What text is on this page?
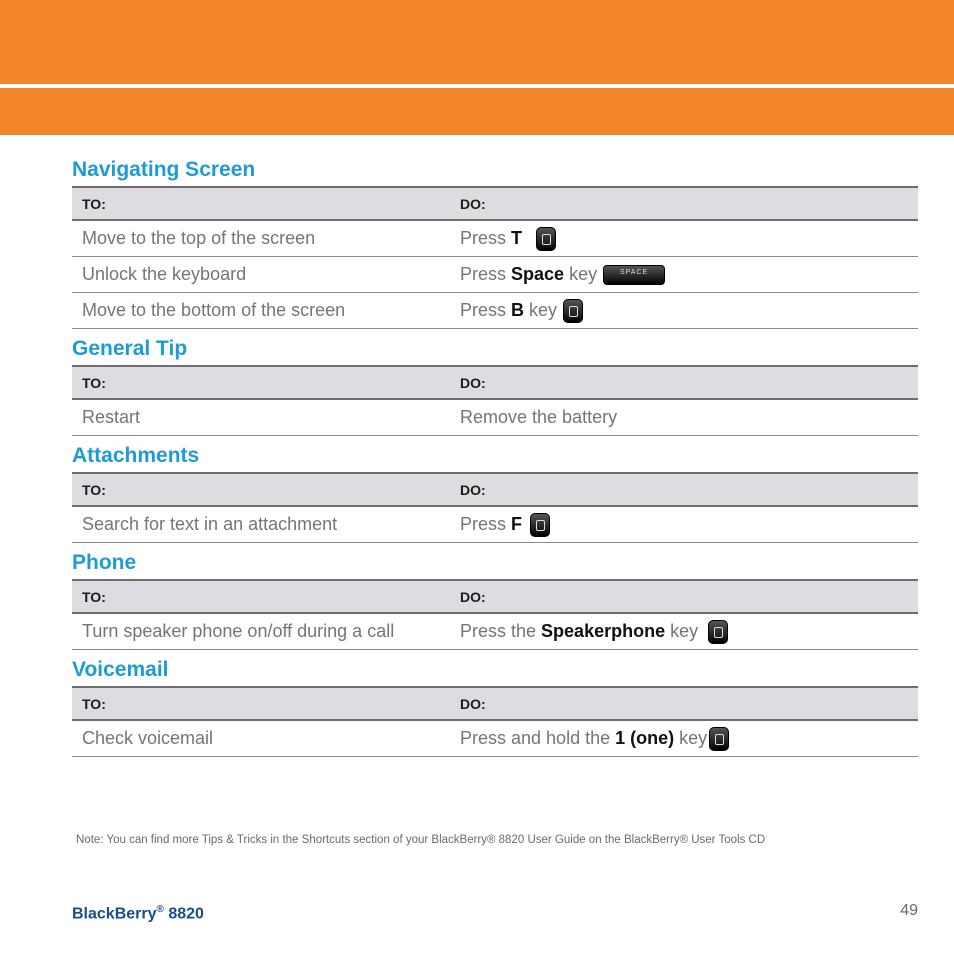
Navigating Screen
TO:	DO:
Move to the top of the screen	Press T
Unlock the keyboard	Press Space key SPACE

Move to the bottom of the screen	Press B key
General Tip
TO:	DO:
Restart	Remove the battery
Attachments
TO:	DO:
Search for text in an attachment	Press F
Phone
TO:	DO:
Turn speaker phone on/off during a call	Press the Speakerphone key
Voicemail
TO:	DO:
Check voicemail	Press and hold the 1 (one) key
Note: You can find more Tips & Tricks in the Shortcuts section of your BlackBerry® 8820 User Guide on the BlackBerry® User Tools CD
BlackBerry® 8820	49
